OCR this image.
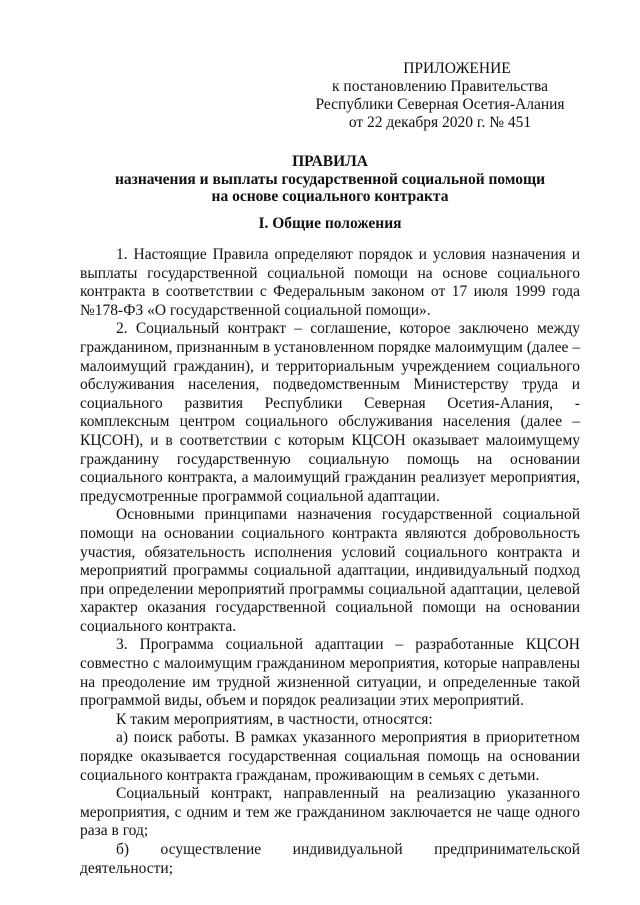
ПРИЛОЖЕНИЕ
к постановлению Правительства
Республики Северная Осетия-Алания
от 22 декабря 2020 г. № 451
ПРАВИЛА
назначения и выплаты государственной социальной помощи
на основе социального контракта
I. Общие положения

1. Настоящие Правила определяют порядок и условия назначения и выплаты государственной социальной помощи на основе социального контракта в соответствии с Федеральным законом от 17 июля 1999 года №178-ФЗ «О государственной социальной помощи».

2. Социальный контракт – соглашение, которое заключено между гражданином, признанным в установленном порядке малоимущим (далее – малоимущий гражданин), и территориальным учреждением социального обслуживания населения, подведомственным Министерству труда и социального развития Республики Северная Осетия-Алания, - комплексным центром социального обслуживания населения (далее – КЦСОН), и в соответствии с которым КЦСОН оказывает малоимущему гражданину государственную социальную помощь на основании социального контракта, а малоимущий гражданин реализует мероприятия, предусмотренные программой социальной адаптации.

Основными принципами назначения государственной социальной помощи на основании социального контракта являются добровольность участия, обязательность исполнения условий социального контракта и мероприятий программы социальной адаптации, индивидуальный подход при определении мероприятий программы социальной адаптации, целевой характер оказания государственной социальной помощи на основании социального контракта.

3. Программа социальной адаптации – разработанные КЦСОН совместно с малоимущим гражданином мероприятия, которые направлены на преодоление им трудной жизненной ситуации, и определенные такой программой виды, объем и порядок реализации этих мероприятий.

К таким мероприятиям, в частности, относятся:

а) поиск работы. В рамках указанного мероприятия в приоритетном порядке оказывается государственная социальная помощь на основании социального контракта гражданам, проживающим в семьях с детьми.

Социальный контракт, направленный на реализацию указанного мероприятия, с одним и тем же гражданином заключается не чаще одного раза в год;

б) осуществление индивидуальной предпринимательской деятельности;
